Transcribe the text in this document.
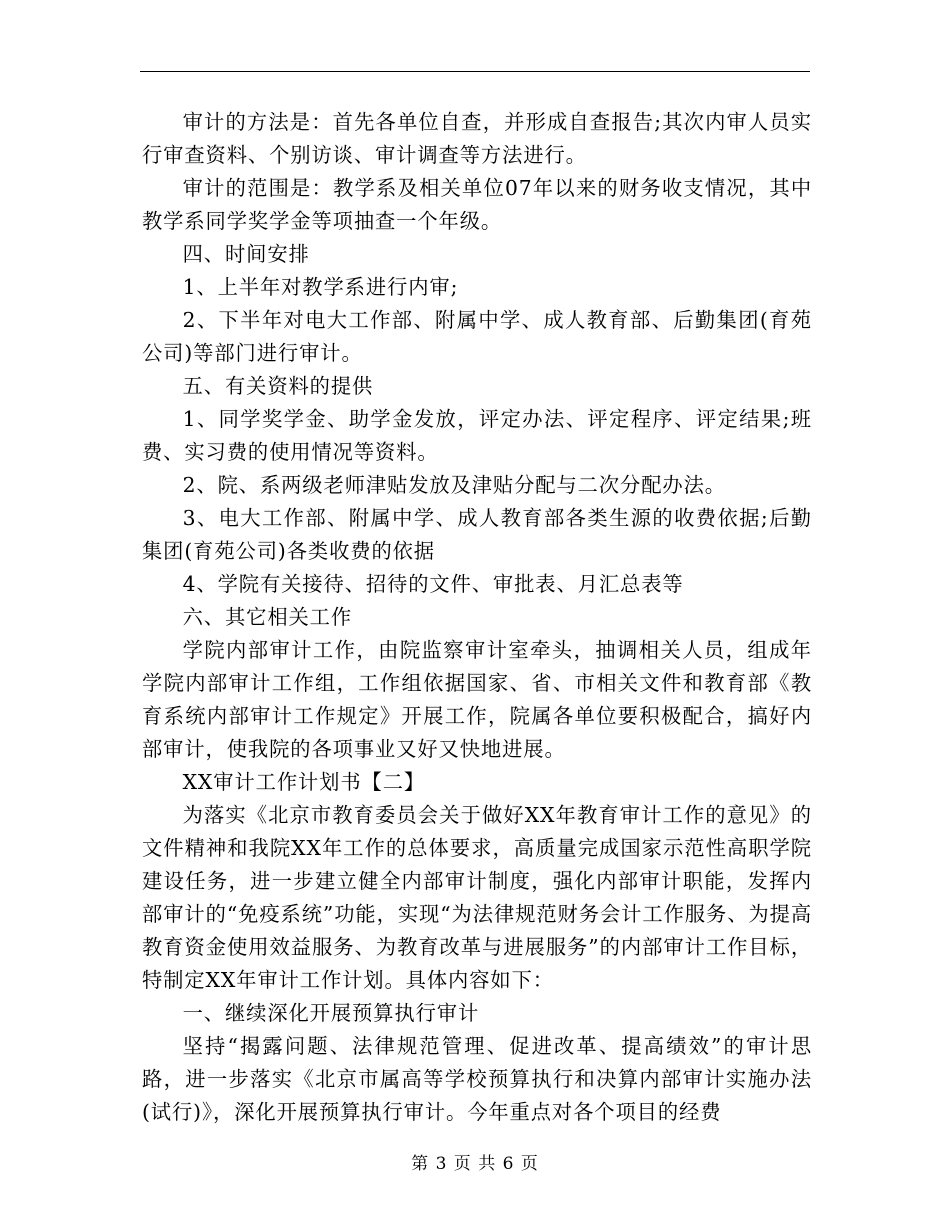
审计的方法是：首先各单位自查，并形成自查报告;其次内审人员实行审查资料、个别访谈、审计调查等方法进行。

审计的范围是：教学系及相关单位07年以来的财务收支情况，其中教学系同学奖学金等项抽查一个年级。

四、时间安排

1、上半年对教学系进行内审;

2、下半年对电大工作部、附属中学、成人教育部、后勤集团(育苑公司)等部门进行审计。

五、有关资料的提供

1、同学奖学金、助学金发放，评定办法、评定程序、评定结果;班费、实习费的使用情况等资料。

2、院、系两级老师津贴发放及津贴分配与二次分配办法。

3、电大工作部、附属中学、成人教育部各类生源的收费依据;后勤集团(育苑公司)各类收费的依据

4、学院有关接待、招待的文件、审批表、月汇总表等

六、其它相关工作

学院内部审计工作，由院监察审计室牵头，抽调相关人员，组成年学院内部审计工作组，工作组依据国家、省、市相关文件和教育部《教育系统内部审计工作规定》开展工作，院属各单位要积极配合，搞好内部审计，使我院的各项事业又好又快地进展。

XX审计工作计划书【二】

为落实《北京市教育委员会关于做好XX年教育审计工作的意见》的文件精神和我院XX年工作的总体要求，高质量完成国家示范性高职学院建设任务，进一步建立健全内部审计制度，强化内部审计职能，发挥内部审计的“免疫系统”功能，实现“为法律规范财务会计工作服务、为提高教育资金使用效益服务、为教育改革与进展服务”的内部审计工作目标，特制定XX年审计工作计划。具体内容如下：

一、继续深化开展预算执行审计

坚持“揭露问题、法律规范管理、促进改革、提高绩效”的审计思路，进一步落实《北京市属高等学校预算执行和决算内部审计实施办法(试行)》，深化开展预算执行审计。今年重点对各个项目的经费

第 3 页 共 6 页
